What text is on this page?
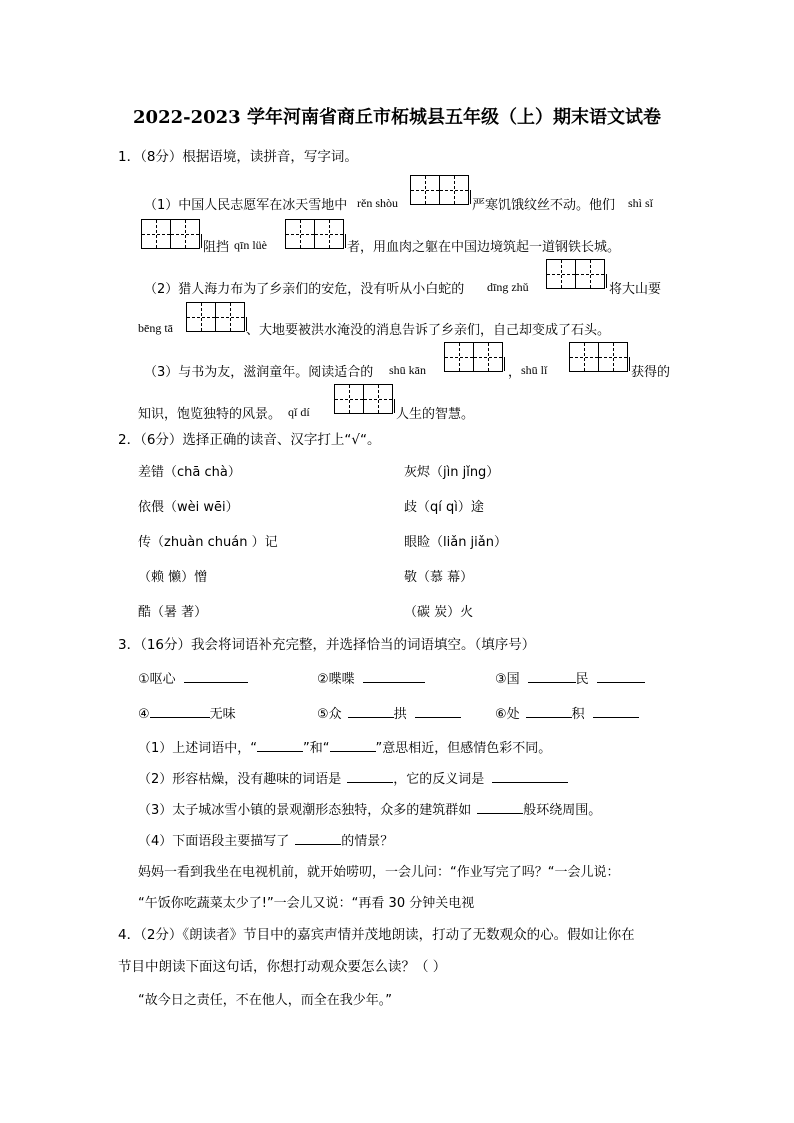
2022-2023 学年河南省商丘市柘城县五年级（上）期末语文试卷
1．（8分）根据语境，读拼音，写字词。
（1）中国人民志愿军在冰天雪地中 rěn shòu	严寒饥饿纹丝不动。他们 shì sǐ
阻挡 qīn lüè	者，用血肉之躯在中国边境筑起一道钢铁长城。
（2）猎人海力布为了乡亲们的安危，没有听从小白蛇的 dīng zhǔ	将大山要
bēng tā	、大地要被洪水淹没的消息告诉了乡亲们，自己却变成了石头。
（3）与书为友，滋润童年。阅读适合的 shū kān	， shū lǐ	获得的
知识，饱览独特的风景。 qǐ dí	人生的智慧。
2．（6分）选择正确的读音、汉字打上“√“。
差错（chā chà）	灰烬（jìn jǐng）
依偎（wèi wēi）	歧（qí qì）途
传（zhuàn chuán ）记	眼睑（liǎn jiǎn）
（赖 懒）憎	敬（慕 幕）
酷（暑 著）	（碳 炭）火
3．（16分）我会将词语补充完整，并选择恰当的词语填空。（填序号）
①呕心	②喋喋	③国	民
④	无味	⑤众	拱	⑥处	积
（1）上述词语中，“	”和“	”意思相近，但感情色彩不同。
（2）形容枯燥，没有趣味的词语是	，它的反义词是
（3）太子城冰雪小镇的景观潮形态独特，众多的建筑群如	般环绕周围。
（4）下面语段主要描写了	的情景？
妈妈一看到我坐在电视机前，就开始唠叨，一会儿问：“作业写完了吗？“一会儿说：
“午饭你吃蔬菜太少了!”一会儿又说：“再看 30 分钟关电视
4．（2分）《朗读者》节目中的嘉宾声情并茂地朗读，打动了无数观众的心。假如让你在
节目中朗读下面这句话，你想打动观众要怎么读？（ ）
“故今日之责任，不在他人，而全在我少年。”
